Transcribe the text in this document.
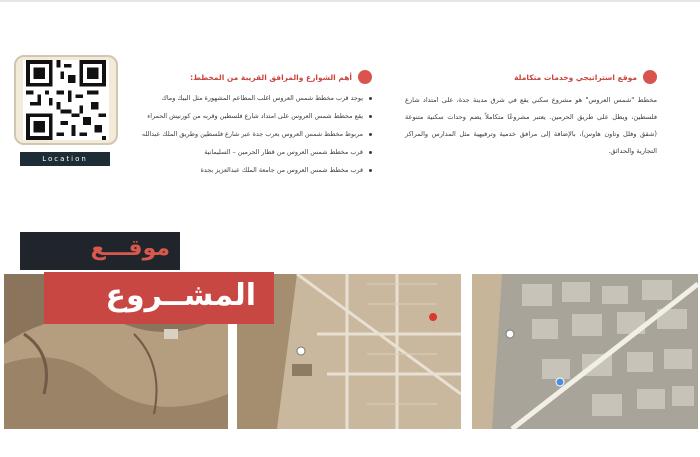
Location
موقع استراتيجي وخدمات متكاملة
مخطط "شمس العروس" هو مشروع سكني يقع في شرق مدينة جدة، على امتداد شارع فلسطين، ويطل على طريق الحرمين. يعتبر مشروعًا متكاملاً يضم وحدات سكنية متنوعة (شقق وفلل وتاون هاوس)، بالإضافة إلى مرافق خدمية وترفيهية مثل المدارس والمراكز التجارية والحدائق.
أهم الشوارع والمرافق القريبة من المخطط:
يوجد قرب مخطط شمس العروس اغلب المطاعم المشهورة مثل البيك وماك
يقع مخطط شمس العروس على امتداد شارع فلسطين وقربه من كورنيش الحمراء
مربوط مخطط شمس العروس بعرب جدة عبر شارع فلسطين وطريق الملك عبدالله
قرب مخطط شمس العروس من قطار الحرمين – السليمانية
قرب مخطط شمس العروس من جامعة الملك عبدالعزيز بجدة
موقـــع
المشــروع
حراج
